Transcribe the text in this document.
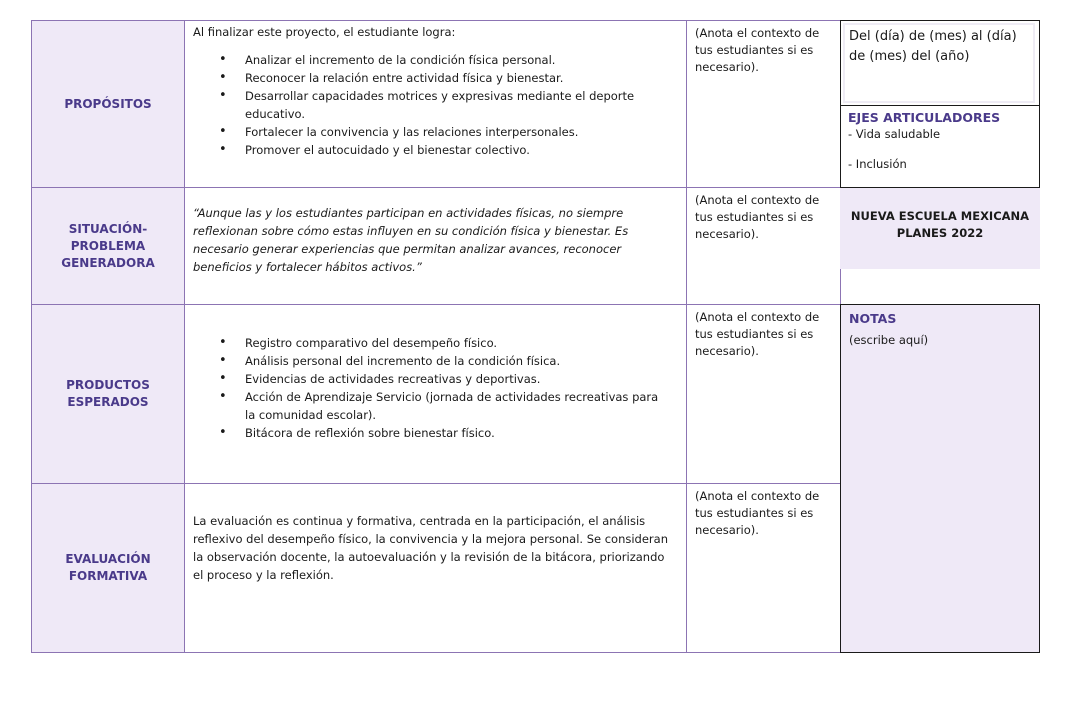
PROPÓSITOS
Al finalizar este proyecto, el estudiante logra:
• Analizar el incremento de la condición física personal.
• Reconocer la relación entre actividad física y bienestar.
• Desarrollar capacidades motrices y expresivas mediante el deporte educativo.
• Fortalecer la convivencia y las relaciones interpersonales.
• Promover el autocuidado y el bienestar colectivo.
(Anota el contexto de tus estudiantes si es necesario).
SITUACIÓN-PROBLEMA GENERADORA
“Aunque las y los estudiantes participan en actividades físicas, no siempre reflexionan sobre cómo estas influyen en su condición física y bienestar. Es necesario generar experiencias que permitan analizar avances, reconocer beneficios y fortalecer hábitos activos.”
(Anota el contexto de tus estudiantes si es necesario).
PRODUCTOS ESPERADOS
• Registro comparativo del desempeño físico.
• Análisis personal del incremento de la condición física.
• Evidencias de actividades recreativas y deportivas.
• Acción de Aprendizaje Servicio (jornada de actividades recreativas para la comunidad escolar).
• Bitácora de reflexión sobre bienestar físico.
(Anota el contexto de tus estudiantes si es necesario).
EVALUACIÓN FORMATIVA
La evaluación es continua y formativa, centrada en la participación, el análisis reflexivo del desempeño físico, la convivencia y la mejora personal. Se consideran la observación docente, la autoevaluación y la revisión de la bitácora, priorizando el proceso y la reflexión.
(Anota el contexto de tus estudiantes si es necesario).
Del (día) de (mes) al (día) de (mes) del (año)
EJES ARTICULADORES
- Vida saludable
- Inclusión
NUEVA ESCUELA MEXICANA
PLANES 2022
NOTAS
(escribe aquí)
